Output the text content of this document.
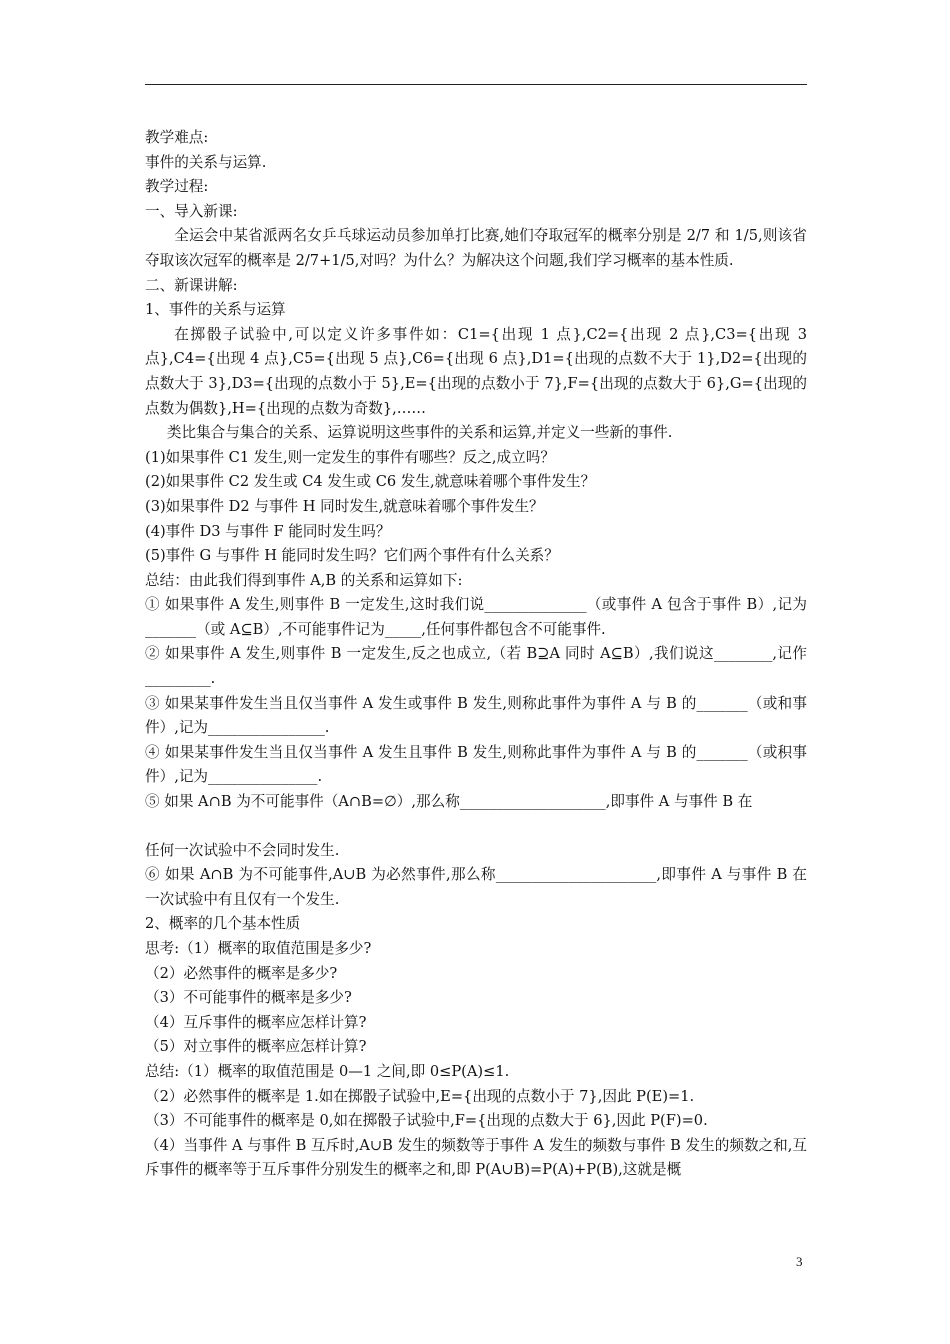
教学难点:

事件的关系与运算.

教学过程:

一、导入新课:

全运会中某省派两名女乒乓球运动员参加单打比赛,她们夺取冠军的概率分别是 2/7 和 1/5,则该省夺取该次冠军的概率是 2/7+1/5,对吗？为什么？为解决这个问题,我们学习概率的基本性质.

二、新课讲解:

1、事件的关系与运算

在掷骰子试验中,可以定义许多事件如：C1={出现 1 点},C2={出现 2 点},C3={出现 3 点},C4={出现 4 点},C5={出现 5 点},C6={出现 6 点},D1={出现的点数不大于 1},D2={出现的点数大于 3},D3={出现的点数小于 5},E={出现的点数小于 7},F={出现的点数大于 6},G={出现的点数为偶数},H={出现的点数为奇数},……

类比集合与集合的关系、运算说明这些事件的关系和运算,并定义一些新的事件.

(1)如果事件 C1 发生,则一定发生的事件有哪些？反之,成立吗？

(2)如果事件 C2 发生或 C4 发生或 C6 发生,就意味着哪个事件发生？

(3)如果事件 D2 与事件 H 同时发生,就意味着哪个事件发生？

(4)事件 D3 与事件 F 能同时发生吗？

(5)事件 G 与事件 H 能同时发生吗？它们两个事件有什么关系？

总结：由此我们得到事件 A,B 的关系和运算如下:

① 如果事件 A 发生,则事件 B 一定发生,这时我们说______________（或事件 A 包含于事件 B）,记为_______（或 A⊆B）,不可能事件记为_____,任何事件都包含不可能事件.

② 如果事件 A 发生,则事件 B 一定发生,反之也成立,（若 B⊇A 同时 A⊆B）,我们说这________,记作_________.

③ 如果某事件发生当且仅当事件 A 发生或事件 B 发生,则称此事件为事件 A 与 B 的_______（或和事件）,记为________________.

④ 如果某事件发生当且仅当事件 A 发生且事件 B 发生,则称此事件为事件 A 与 B 的_______（或积事件）,记为_______________.

⑤ 如果 A∩B 为不可能事件（A∩B=∅）,那么称____________________,即事件 A 与事件 B 在

任何一次试验中不会同时发生.

⑥ 如果 A∩B 为不可能事件,A∪B 为必然事件,那么称______________________,即事件 A 与事件 B 在一次试验中有且仅有一个发生.

2、概率的几个基本性质

思考:（1）概率的取值范围是多少?

（2）必然事件的概率是多少?

（3）不可能事件的概率是多少?

（4）互斥事件的概率应怎样计算?

（5）对立事件的概率应怎样计算?

总结:（1）概率的取值范围是 0—1 之间,即 0≤P(A)≤1.

（2）必然事件的概率是 1.如在掷骰子试验中,E={出现的点数小于 7},因此 P(E)=1.

（3）不可能事件的概率是 0,如在掷骰子试验中,F={出现的点数大于 6},因此 P(F)=0.

（4）当事件 A 与事件 B 互斥时,A∪B 发生的频数等于事件 A 发生的频数与事件 B 发生的频数之和,互斥事件的概率等于互斥事件分别发生的概率之和,即 P(A∪B)=P(A)+P(B),这就是概

3
